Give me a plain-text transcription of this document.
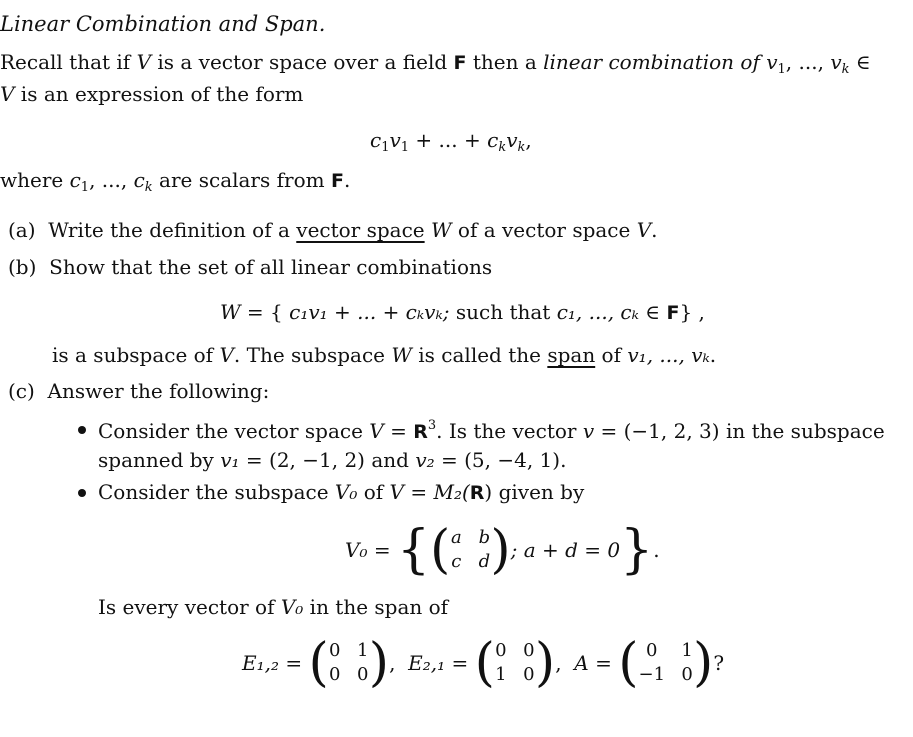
Linear Combination and Span.
Recall that if V is a vector space over a field F then a linear combination of $v_1$, ..., $v_k$ ∈
V is an expression of the form
$c_1v_1$ + ... + $c_kv_k$,
where $c_1$, ..., $c_k$ are scalars from F.
(a) Write the definition of a vector space W of a vector space V.
(b) Show that the set of all linear combinations
W = { c₁v₁ + ... + cₖvₖ; such that c₁, ..., cₖ ∈ F} ,
is a subspace of V. The subspace W is called the span of v₁, ..., vₖ.
(c) Answer the following:
Consider the vector space $V = R^3$. Is the vector v = (−1, 2, 3) in the subspace
spanned by v₁ = (2, −1, 2) and v₂ = (5, −4, 1).
Consider the subspace V₀ of V = M₂(R) given by
V₀ =
{ ( a b
c d ) ; a + d = 0 } .
Is every vector of V₀ in the span of
E₁,₂ =
( 0 1
0 0 ) ,
E₂,₁ =
( 0 0
1 0 ) ,
A =
( 0	1
−1 0 ) ?
